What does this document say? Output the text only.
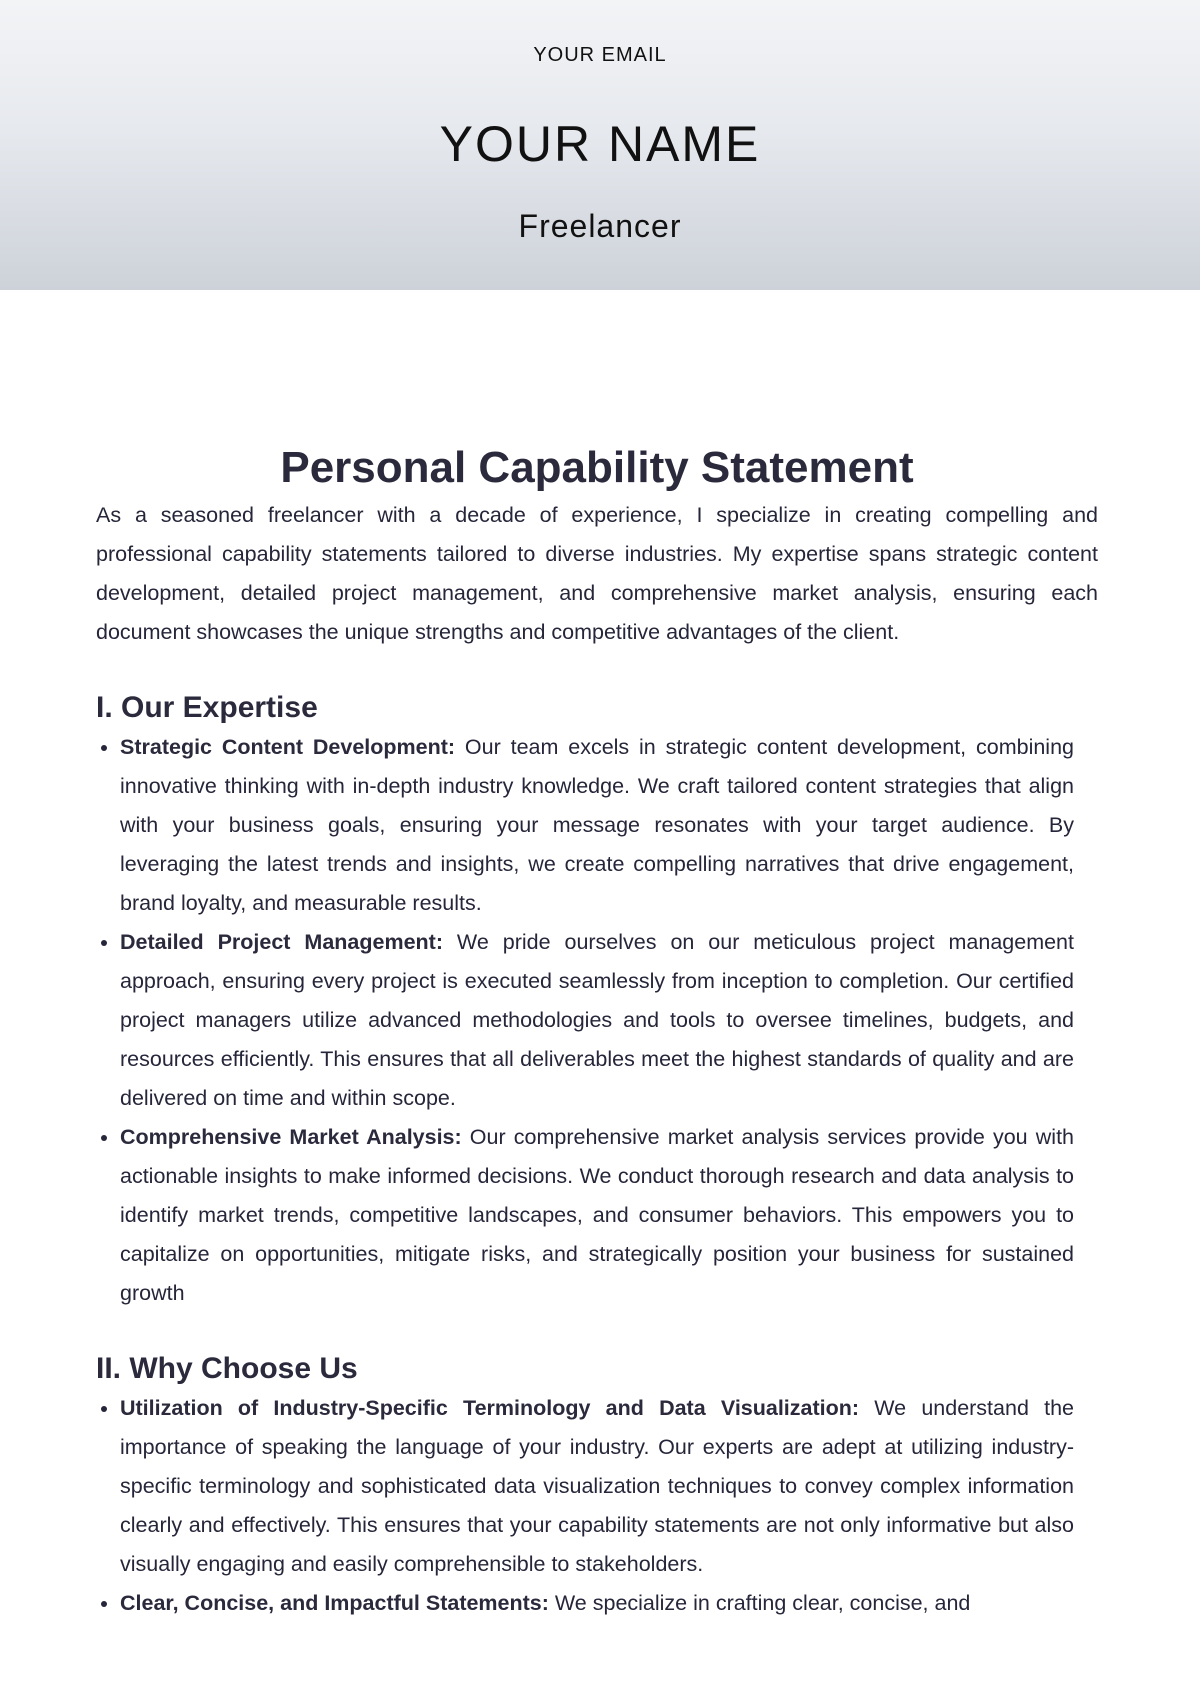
YOUR EMAIL
YOUR NAME
Freelancer
Personal Capability Statement

As a seasoned freelancer with a decade of experience, I specialize in creating compelling and professional capability statements tailored to diverse industries. My expertise spans strategic content development, detailed project management, and comprehensive market analysis, ensuring each document showcases the unique strengths and competitive advantages of the client.

I. Our Expertise
• Strategic Content Development: Our team excels in strategic content development, combining innovative thinking with in-depth industry knowledge. We craft tailored content strategies that align with your business goals, ensuring your message resonates with your target audience. By leveraging the latest trends and insights, we create compelling narratives that drive engagement, brand loyalty, and measurable results.
• Detailed Project Management: We pride ourselves on our meticulous project management approach, ensuring every project is executed seamlessly from inception to completion. Our certified project managers utilize advanced methodologies and tools to oversee timelines, budgets, and resources efficiently. This ensures that all deliverables meet the highest standards of quality and are delivered on time and within scope.
• Comprehensive Market Analysis: Our comprehensive market analysis services provide you with actionable insights to make informed decisions. We conduct thorough research and data analysis to identify market trends, competitive landscapes, and consumer behaviors. This empowers you to capitalize on opportunities, mitigate risks, and strategically position your business for sustained growth
II. Why Choose Us
• Utilization of Industry-Specific Terminology and Data Visualization: We understand the importance of speaking the language of your industry. Our experts are adept at utilizing industry-specific terminology and sophisticated data visualization techniques to convey complex information clearly and effectively. This ensures that your capability statements are not only informative but also visually engaging and easily comprehensible to stakeholders.
• Clear, Concise, and Impactful Statements: We specialize in crafting clear, concise, and
